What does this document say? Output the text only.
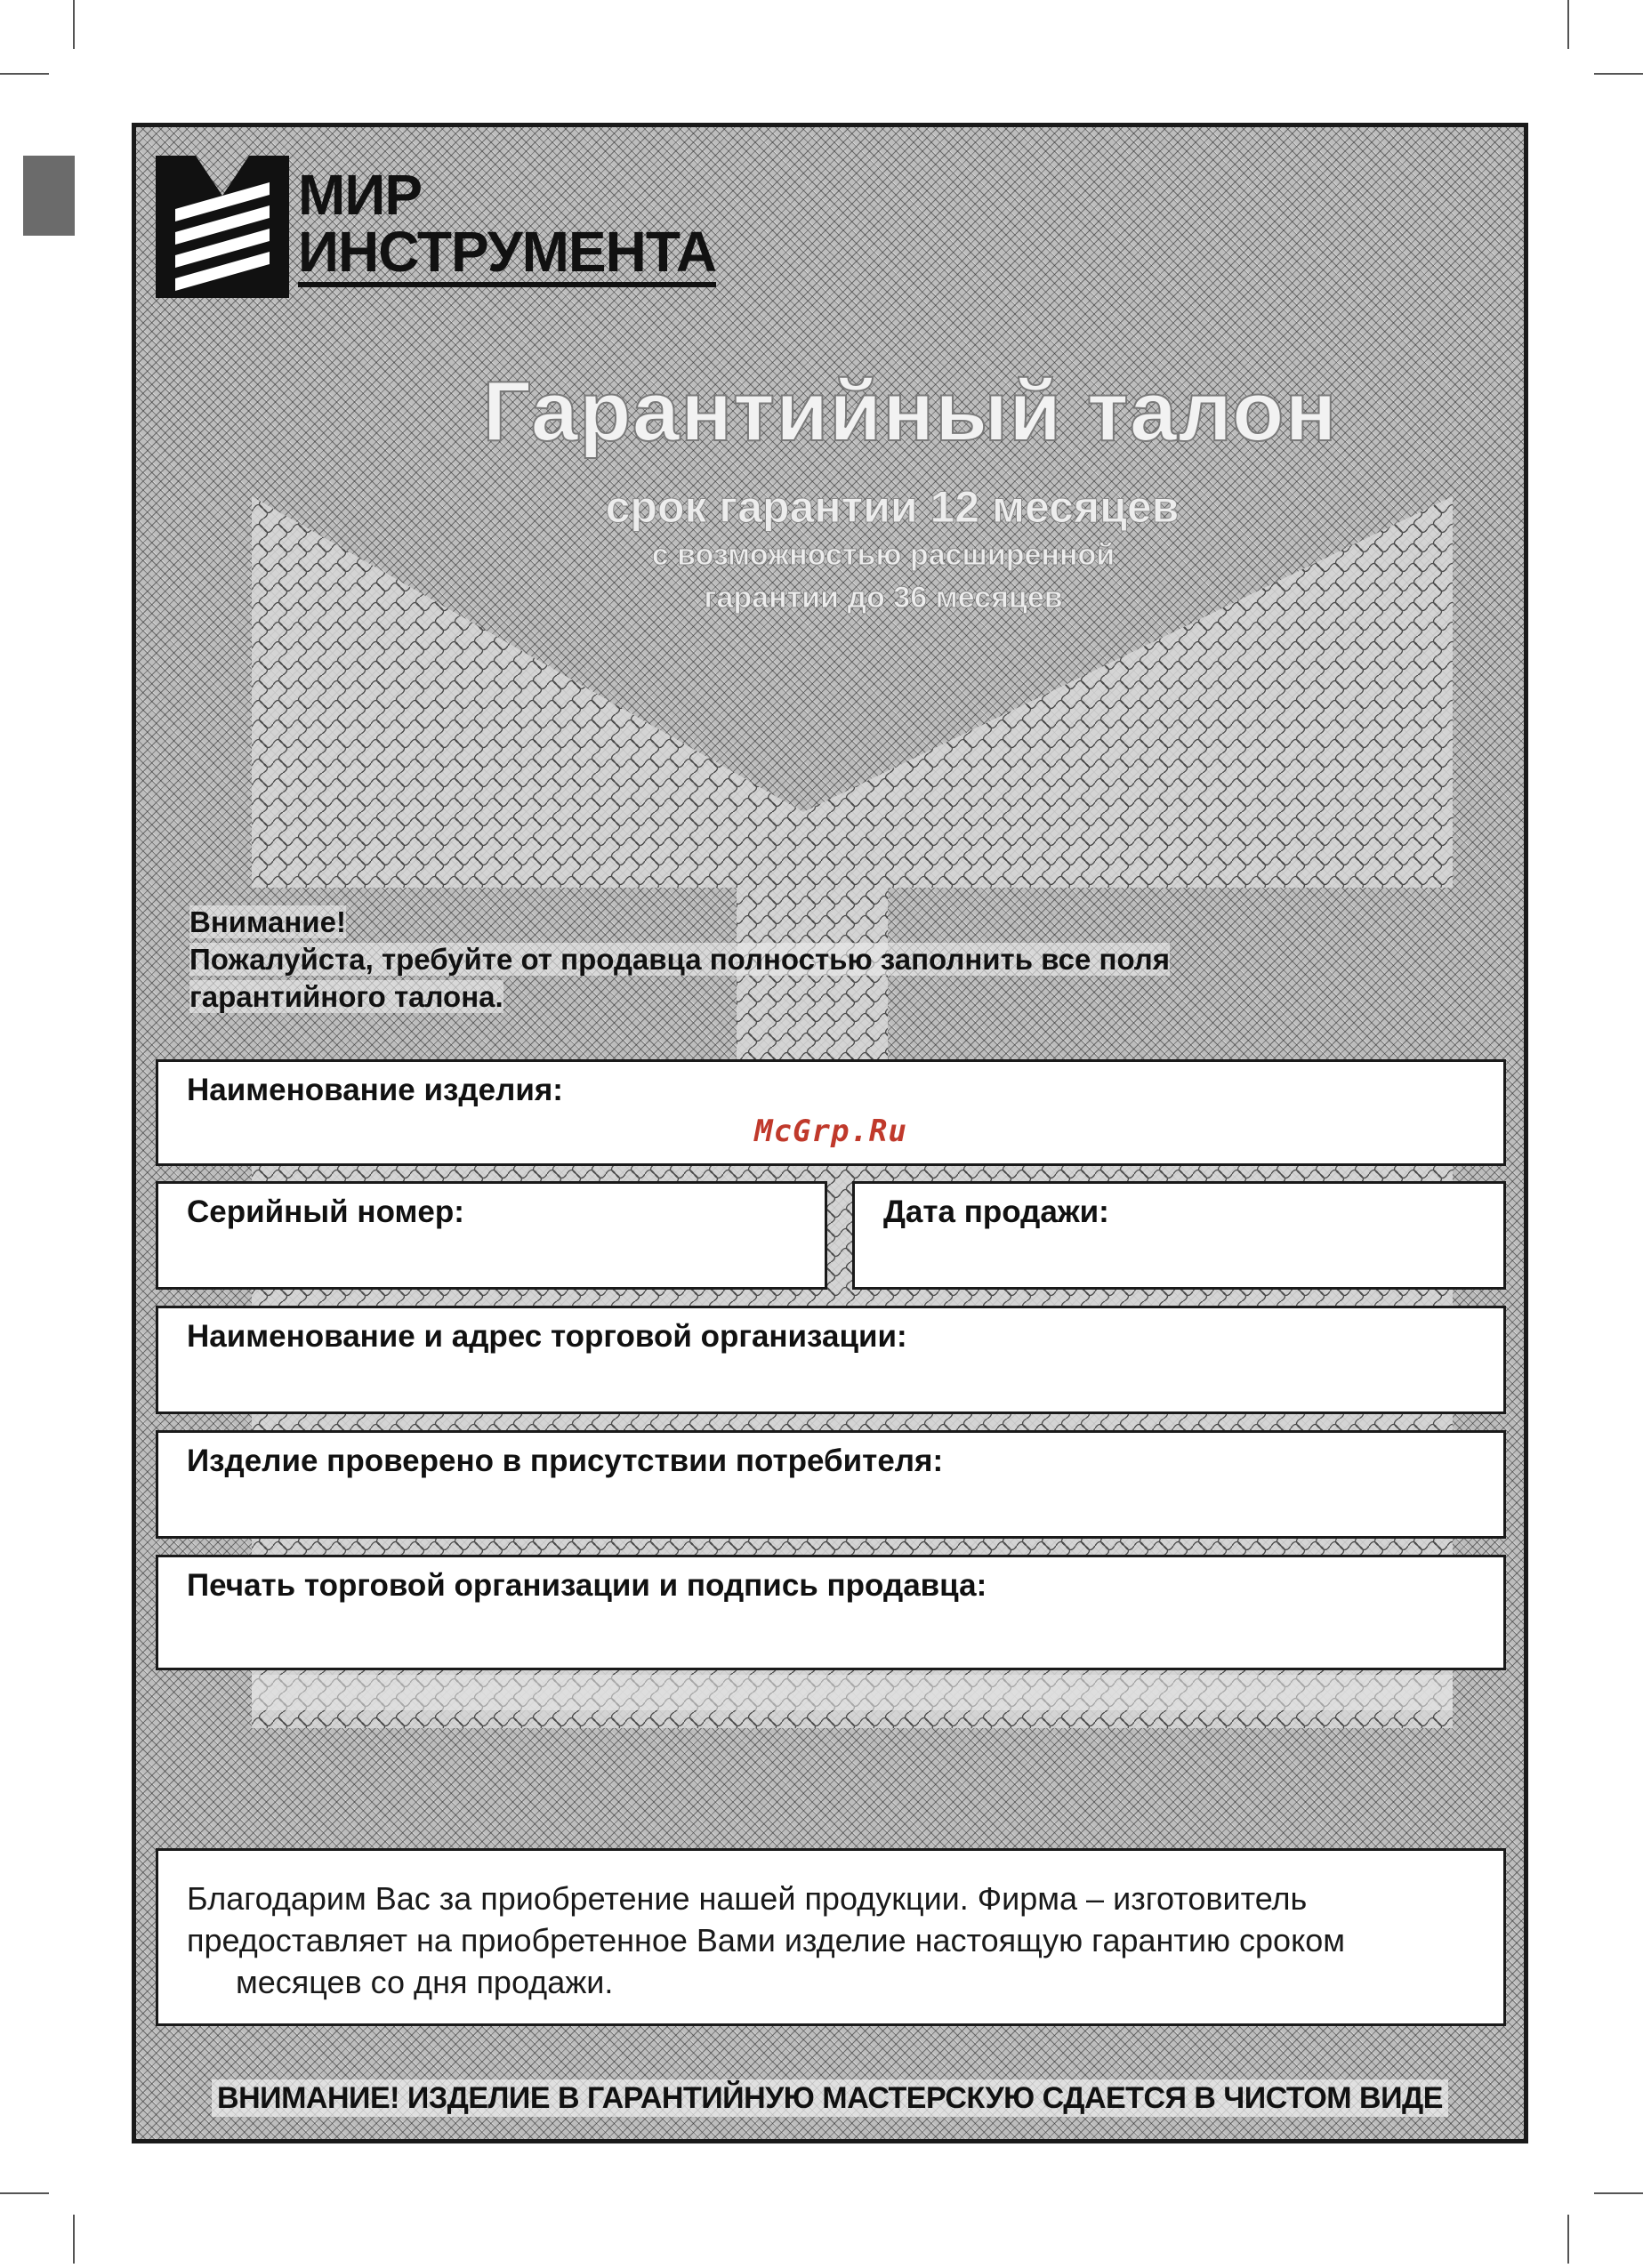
МИР
ИНСТРУМЕНТА
Гарантийный талон
срок гарантии 12 месяцев
с возможностью расширенной
гарантии до 36 месяцев
Внимание!
Пожалуйста, требуйте от продавца полностью заполнить все поля
гарантийного талона.
Наименование изделия:
McGrp.Ru
Серийный номер:	Дата продажи:
Наименование и адрес торговой организации:
Изделие проверено в присутствии потребителя:
Печать торговой организации и подпись продавца:
Благодарим Вас за приобретение нашей продукции. Фирма – изготовитель
предоставляет на приобретенное Вами изделие настоящую гарантию сроком
месяцев со дня продажи.
ВНИМАНИЕ! ИЗДЕЛИЕ В ГАРАНТИЙНУЮ МАСТЕРСКУЮ СДАЕТСЯ В ЧИСТОМ ВИДЕ
